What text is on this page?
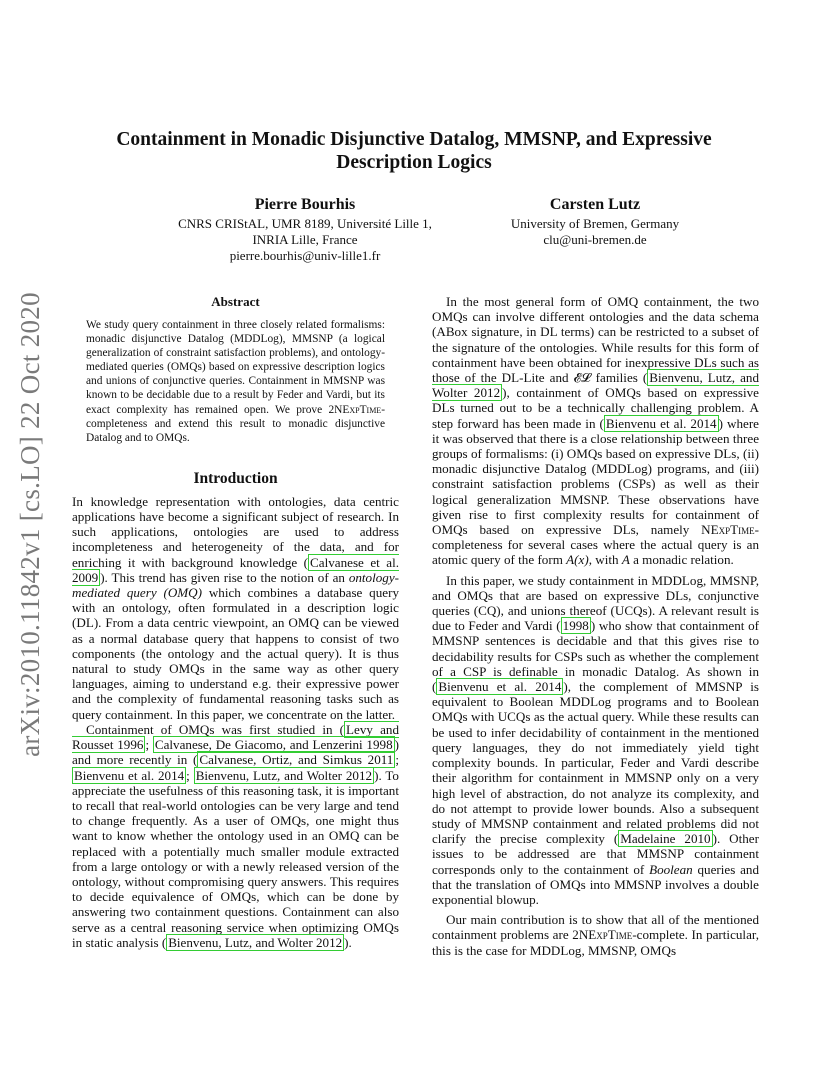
arXiv:2010.11842v1 [cs.LO] 22 Oct 2020
Containment in Monadic Disjunctive Datalog, MMSNP, and Expressive
Description Logics
Pierre Bourhis
CNRS CRIStAL, UMR 8189, Université Lille 1,
INRIA Lille, France
pierre.bourhis@univ-lille1.fr
Carsten Lutz
University of Bremen, Germany
clu@uni-bremen.de
Abstract

We study query containment in three closely related formalisms: monadic disjunctive Datalog (MDDLog), MMSNP (a logical generalization of constraint satisfaction problems), and ontology-mediated queries (OMQs) based on expressive description logics and unions of conjunctive queries. Containment in MMSNP was known to be decidable due to a result by Feder and Vardi, but its exact complexity has remained open. We prove 2NExpTime-completeness and extend this result to monadic disjunctive Datalog and to OMQs.

Introduction

In knowledge representation with ontologies, data centric applications have become a significant subject of research. In such applications, ontologies are used to address incompleteness and heterogeneity of the data, and for enriching it with background knowledge ( Calvanese et al. 2009 ). This trend has given rise to the notion of an ontology-mediated query (OMQ) which combines a database query with an ontology, often formulated in a description logic (DL). From a data centric viewpoint, an OMQ can be viewed as a normal database query that happens to consist of two components (the ontology and the actual query). It is thus natural to study OMQs in the same way as other query languages, aiming to understand e.g. their expressive power and the complexity of fundamental reasoning tasks such as query containment. In this paper, we concentrate on the latter.

Containment of OMQs was first studied in ( Levy and Rousset 1996 ; Calvanese, De Giacomo, and Lenzerini 1998 ) and more recently in ( Calvanese, Ortiz, and Simkus 2011 ; Bienvenu et al. 2014 ; Bienvenu, Lutz, and Wolter 2012 ). To appreciate the usefulness of this reasoning task, it is important to recall that real-world ontologies can be very large and tend to change frequently. As a user of OMQs, one might thus want to know whether the ontology used in an OMQ can be replaced with a potentially much smaller module extracted from a large ontology or with a newly released version of the ontology, without compromising query answers. This requires to decide equivalence of OMQs, which can be done by answering two containment questions. Containment can also serve as a central reasoning service when optimizing OMQs in static analysis ( Bienvenu, Lutz, and Wolter 2012 ).

In the most general form of OMQ containment, the two OMQs can involve different ontologies and the data schema (ABox signature, in DL terms) can be restricted to a subset of the signature of the ontologies. While results for this form of containment have been obtained for inexpressive DLs such as those of the DL-Lite and 𝓔𝓛 families ( Bienvenu, Lutz, and Wolter 2012 ), containment of OMQs based on expressive DLs turned out to be a technically challenging problem. A step forward has been made in ( Bienvenu et al. 2014 ) where it was observed that there is a close relationship between three groups of formalisms: (i) OMQs based on expressive DLs, (ii) monadic disjunctive Datalog (MDDLog) programs, and (iii) constraint satisfaction problems (CSPs) as well as their logical generalization MMSNP. These observations have given rise to first complexity results for containment of OMQs based on expressive DLs, namely NExpTime-completeness for several cases where the actual query is an atomic query of the form A(x), with A a monadic relation.

In this paper, we study containment in MDDLog, MMSNP, and OMQs that are based on expressive DLs, conjunctive queries (CQ), and unions thereof (UCQs). A relevant result is due to Feder and Vardi ( 1998 ) who show that containment of MMSNP sentences is decidable and that this gives rise to decidability results for CSPs such as whether the complement of a CSP is definable in monadic Datalog. As shown in ( Bienvenu et al. 2014 ), the complement of MMSNP is equivalent to Boolean MDDLog programs and to Boolean OMQs with UCQs as the actual query. While these results can be used to infer decidability of containment in the mentioned query languages, they do not immediately yield tight complexity bounds. In particular, Feder and Vardi describe their algorithm for containment in MMSNP only on a very high level of abstraction, do not analyze its complexity, and do not attempt to provide lower bounds. Also a subsequent study of MMSNP containment and related problems did not clarify the precise complexity ( Madelaine 2010 ). Other issues to be addressed are that MMSNP containment corresponds only to the containment of Boolean queries and that the translation of OMQs into MMSNP involves a double exponential blowup.

Our main contribution is to show that all of the mentioned containment problems are 2NExpTime-complete. In particular, this is the case for MDDLog, MMSNP, OMQs
